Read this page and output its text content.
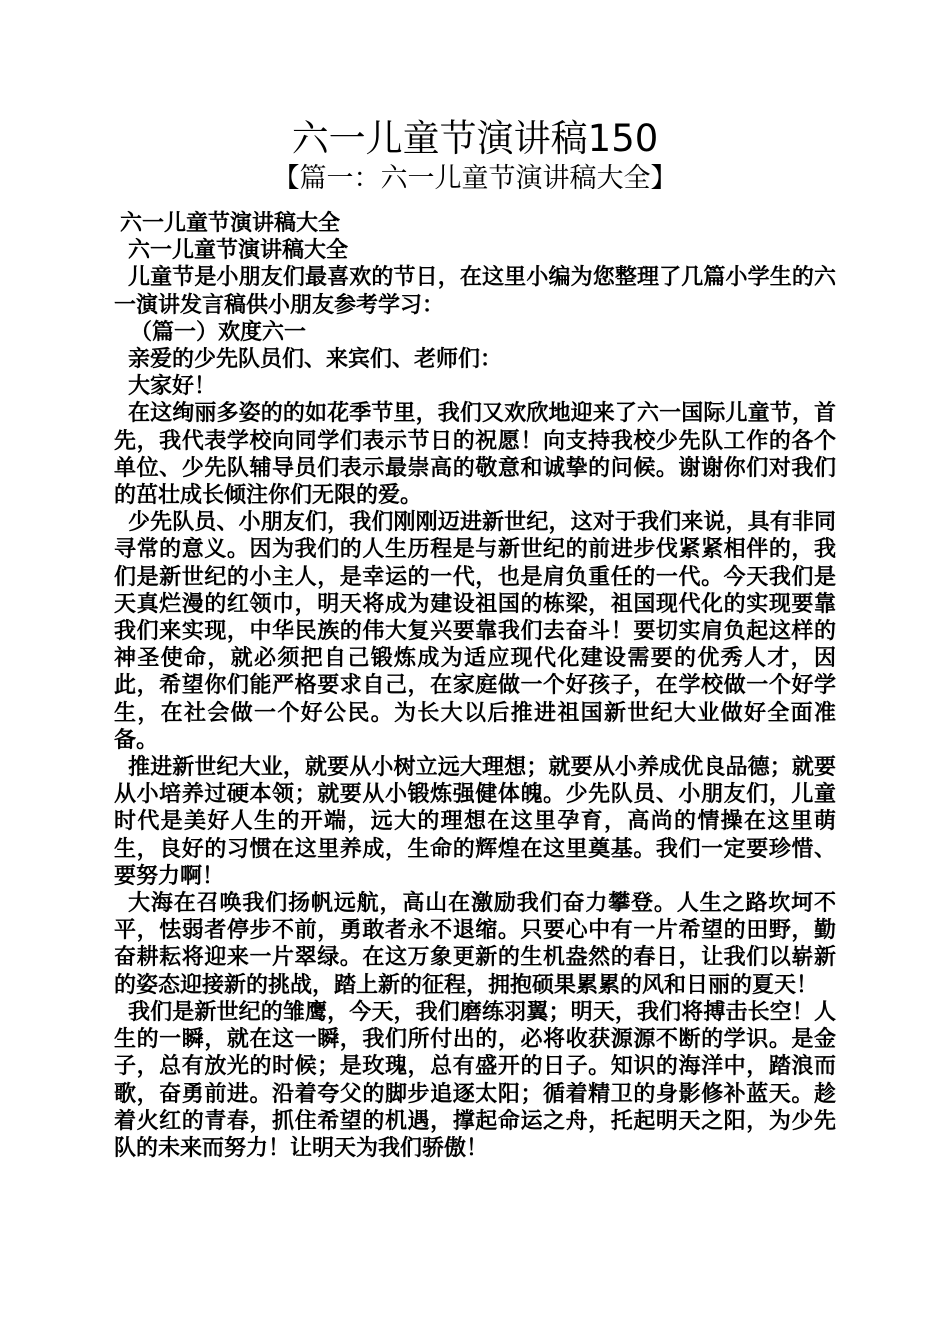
六一儿童节演讲稿150
【篇一：六一儿童节演讲稿大全】

六一儿童节演讲稿大全

六一儿童节演讲稿大全

儿童节是小朋友们最喜欢的节日，在这里小编为您整理了几篇小学生的六一演讲发言稿供小朋友参考学习：

（篇一）欢度六一

亲爱的少先队员们、来宾们、老师们：

大家好！

在这绚丽多姿的的如花季节里，我们又欢欣地迎来了六一国际儿童节，首先，我代表学校向同学们表示节日的祝愿！向支持我校少先队工作的各个单位、少先队辅导员们表示最崇高的敬意和诚挚的问候。谢谢你们对我们的茁壮成长倾注你们无限的爱。

少先队员、小朋友们，我们刚刚迈进新世纪，这对于我们来说，具有非同寻常的意义。因为我们的人生历程是与新世纪的前进步伐紧紧相伴的，我们是新世纪的小主人，是幸运的一代，也是肩负重任的一代。今天我们是天真烂漫的红领巾，明天将成为建设祖国的栋梁，祖国现代化的实现要靠我们来实现，中华民族的伟大复兴要靠我们去奋斗！要切实肩负起这样的神圣使命，就必须把自己锻炼成为适应现代化建设需要的优秀人才，因此，希望你们能严格要求自己，在家庭做一个好孩子，在学校做一个好学生，在社会做一个好公民。为长大以后推进祖国新世纪大业做好全面准备。

推进新世纪大业，就要从小树立远大理想；就要从小养成优良品德；就要从小培养过硬本领；就要从小锻炼强健体魄。少先队员、小朋友们，儿童时代是美好人生的开端，远大的理想在这里孕育，高尚的情操在这里萌生，良好的习惯在这里养成，生命的辉煌在这里奠基。我们一定要珍惜、要努力啊！

大海在召唤我们扬帆远航，高山在激励我们奋力攀登。人生之路坎坷不平，怯弱者停步不前，勇敢者永不退缩。只要心中有一片希望的田野，勤奋耕耘将迎来一片翠绿。在这万象更新的生机盎然的春日，让我们以崭新的姿态迎接新的挑战，踏上新的征程，拥抱硕果累累的风和日丽的夏天！

我们是新世纪的雏鹰，今天，我们磨练羽翼；明天，我们将搏击长空！人生的一瞬，就在这一瞬，我们所付出的，必将收获源源不断的学识。是金子，总有放光的时候；是玫瑰，总有盛开的日子。知识的海洋中，踏浪而歌，奋勇前进。沿着夸父的脚步追逐太阳；循着精卫的身影修补蓝天。趁着火红的青春，抓住希望的机遇，撑起命运之舟，托起明天之阳，为少先队的未来而努力！让明天为我们骄傲！
